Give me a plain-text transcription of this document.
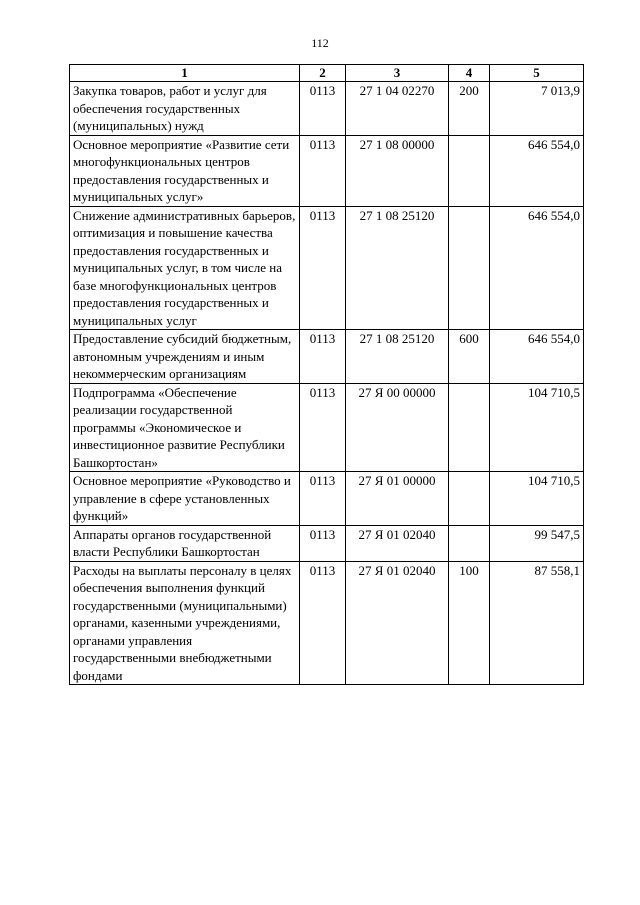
112
1	2	3	4	5
Закупка товаров, работ и услуг для обеспечения государственных (муниципальных) нужд	0113	27 1 04 02270	200	7 013,9
Основное мероприятие «Развитие сети многофункциональных центров предоставления государственных и муниципальных услуг»	0113	27 1 08 00000		646 554,0
Снижение административных барьеров, оптимизация и повышение качества предоставления государственных и муниципальных услуг, в том числе на базе многофункциональных центров предоставления государственных и муниципальных услуг	0113	27 1 08 25120		646 554,0
Предоставление субсидий бюджетным, автономным учреждениям и иным некоммерческим организациям	0113	27 1 08 25120	600	646 554,0
Подпрограмма «Обеспечение реализации государственной программы «Экономическое и инвестиционное развитие Республики Башкортостан»	0113	27 Я 00 00000		104 710,5
Основное мероприятие «Руководство и управление в сфере установленных функций»	0113	27 Я 01 00000		104 710,5
Аппараты органов государственной власти Республики Башкортостан	0113	27 Я 01 02040		99 547,5
Расходы на выплаты персоналу в целях обеспечения выполнения функций государственными (муниципальными) органами, казенными учреждениями, органами управления государственными внебюджетными фондами	0113	27 Я 01 02040	100	87 558,1
